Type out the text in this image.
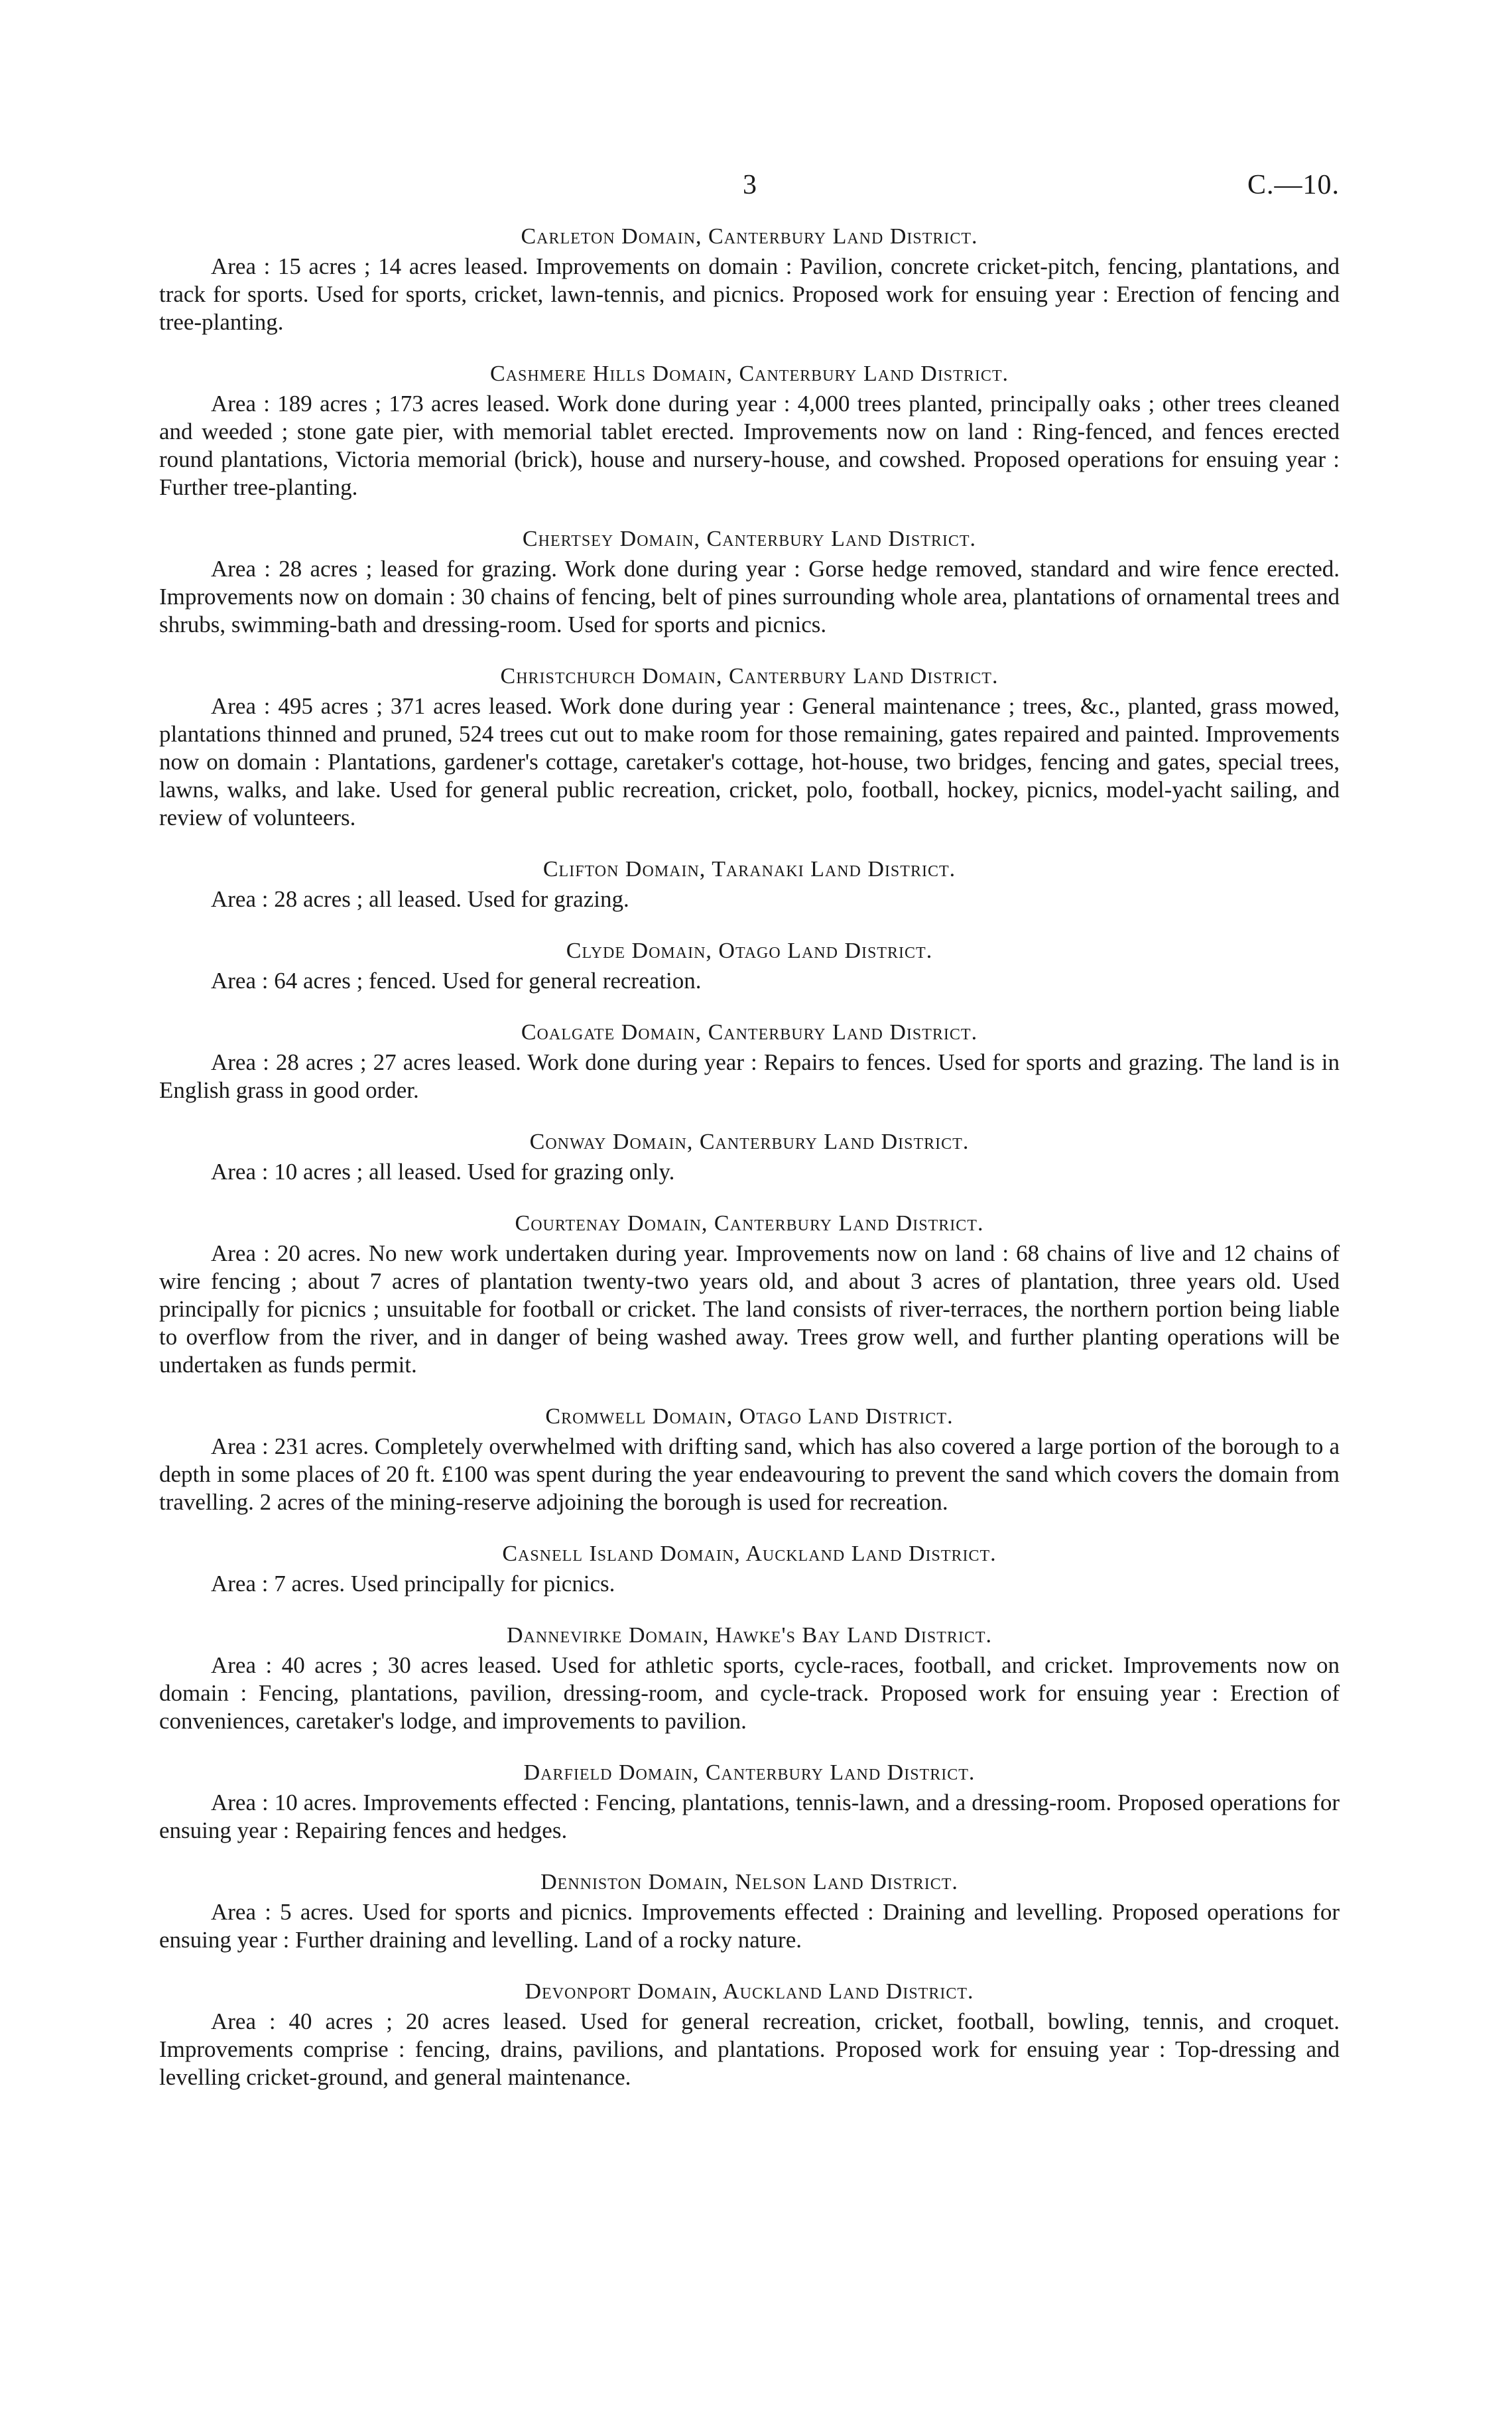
3	C.—10.
Carleton Domain, Canterbury Land District.

Area : 15 acres ; 14 acres leased. Improvements on domain : Pavilion, concrete cricket-pitch, fencing, plantations, and track for sports. Used for sports, cricket, lawn-tennis, and picnics. Proposed work for ensuing year : Erection of fencing and tree-planting.

Cashmere Hills Domain, Canterbury Land District.

Area : 189 acres ; 173 acres leased. Work done during year : 4,000 trees planted, principally oaks ; other trees cleaned and weeded ; stone gate pier, with memorial tablet erected. Improvements now on land : Ring-fenced, and fences erected round plantations, Victoria memorial (brick), house and nursery-house, and cowshed. Proposed operations for ensuing year : Further tree-planting.

Chertsey Domain, Canterbury Land District.

Area : 28 acres ; leased for grazing. Work done during year : Gorse hedge removed, standard and wire fence erected. Improvements now on domain : 30 chains of fencing, belt of pines surrounding whole area, plantations of ornamental trees and shrubs, swimming-bath and dressing-room. Used for sports and picnics.

Christchurch Domain, Canterbury Land District.

Area : 495 acres ; 371 acres leased. Work done during year : General maintenance ; trees, &c., planted, grass mowed, plantations thinned and pruned, 524 trees cut out to make room for those remaining, gates repaired and painted. Improvements now on domain : Plantations, gardener's cottage, caretaker's cottage, hot-house, two bridges, fencing and gates, special trees, lawns, walks, and lake. Used for general public recreation, cricket, polo, football, hockey, picnics, model-yacht sailing, and review of volunteers.

Clifton Domain, Taranaki Land District.

Area : 28 acres ; all leased. Used for grazing.

Clyde Domain, Otago Land District.

Area : 64 acres ; fenced. Used for general recreation.

Coalgate Domain, Canterbury Land District.

Area : 28 acres ; 27 acres leased. Work done during year : Repairs to fences. Used for sports and grazing. The land is in English grass in good order.

Conway Domain, Canterbury Land District.

Area : 10 acres ; all leased. Used for grazing only.

Courtenay Domain, Canterbury Land District.

Area : 20 acres. No new work undertaken during year. Improvements now on land : 68 chains of live and 12 chains of wire fencing ; about 7 acres of plantation twenty-two years old, and about 3 acres of plantation, three years old. Used principally for picnics ; unsuitable for football or cricket. The land consists of river-terraces, the northern portion being liable to overflow from the river, and in danger of being washed away. Trees grow well, and further planting operations will be undertaken as funds permit.

Cromwell Domain, Otago Land District.

Area : 231 acres. Completely overwhelmed with drifting sand, which has also covered a large portion of the borough to a depth in some places of 20 ft. £100 was spent during the year endeavouring to prevent the sand which covers the domain from travelling. 2 acres of the mining-reserve adjoining the borough is used for recreation.

Casnell Island Domain, Auckland Land District.

Area : 7 acres. Used principally for picnics.

Dannevirke Domain, Hawke's Bay Land District.

Area : 40 acres ; 30 acres leased. Used for athletic sports, cycle-races, football, and cricket. Improvements now on domain : Fencing, plantations, pavilion, dressing-room, and cycle-track. Proposed work for ensuing year : Erection of conveniences, caretaker's lodge, and improvements to pavilion.

Darfield Domain, Canterbury Land District.

Area : 10 acres. Improvements effected : Fencing, plantations, tennis-lawn, and a dressing-room. Proposed operations for ensuing year : Repairing fences and hedges.

Denniston Domain, Nelson Land District.

Area : 5 acres. Used for sports and picnics. Improvements effected : Draining and levelling. Proposed operations for ensuing year : Further draining and levelling. Land of a rocky nature.

Devonport Domain, Auckland Land District.

Area : 40 acres ; 20 acres leased. Used for general recreation, cricket, football, bowling, tennis, and croquet. Improvements comprise : fencing, drains, pavilions, and plantations. Proposed work for ensuing year : Top-dressing and levelling cricket-ground, and general maintenance.
